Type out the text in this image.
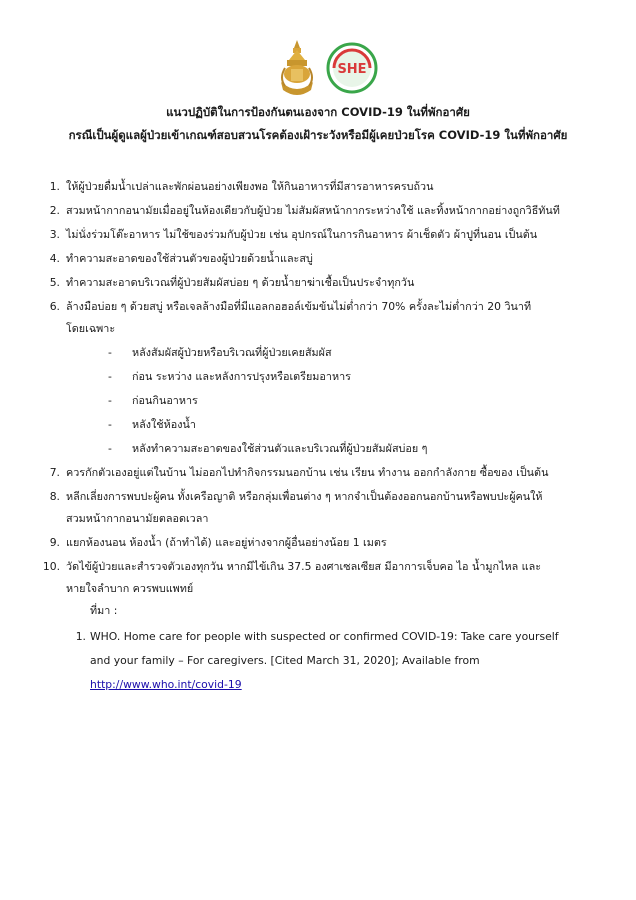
SHE
แนวปฏิบัติในการป้องกันตนเองจาก COVID-19 ในที่พักอาศัย
กรณีเป็นผู้ดูแลผู้ป่วยเข้าเกณฑ์สอบสวนโรคต้องเฝ้าระวังหรือมีผู้เคยป่วยโรค COVID-19 ในที่พักอาศัย
1. ให้ผู้ป่วยดื่มน้ำเปล่าและพักผ่อนอย่างเพียงพอ ให้กินอาหารที่มีสารอาหารครบถ้วน
2. สวมหน้ากากอนามัยเมื่ออยู่ในห้องเดียวกับผู้ป่วย ไม่สัมผัสหน้ากากระหว่างใช้ และทิ้งหน้ากากอย่างถูกวิธีทันที
3. ไม่นั่งร่วมโต๊ะอาหาร ไม่ใช้ของร่วมกับผู้ป่วย เช่น อุปกรณ์ในการกินอาหาร ผ้าเช็ดตัว ผ้าปูที่นอน เป็นต้น
4. ทำความสะอาดของใช้ส่วนตัวของผู้ป่วยด้วยน้ำและสบู่
5. ทำความสะอาดบริเวณที่ผู้ป่วยสัมผัสบ่อย ๆ ด้วยน้ำยาฆ่าเชื้อเป็นประจำทุกวัน
6. ล้างมือบ่อย ๆ ด้วยสบู่ หรือเจลล้างมือที่มีแอลกอฮอล์เข้มข้นไม่ต่ำกว่า 70% ครั้งละไม่ต่ำกว่า 20 วินาที
โดยเฉพาะ
- หลังสัมผัสผู้ป่วยหรือบริเวณที่ผู้ป่วยเคยสัมผัส
- ก่อน ระหว่าง และหลังการปรุงหรือเตรียมอาหาร
- ก่อนกินอาหาร
- หลังใช้ห้องน้ำ
- หลังทำความสะอาดของใช้ส่วนตัวและบริเวณที่ผู้ป่วยสัมผัสบ่อย ๆ
7. ควรกักตัวเองอยู่แต่ในบ้าน ไม่ออกไปทำกิจกรรมนอกบ้าน เช่น เรียน ทำงาน ออกกำลังกาย ซื้อของ เป็นต้น
8. หลีกเลี่ยงการพบปะผู้คน ทั้งเครือญาติ หรือกลุ่มเพื่อนต่าง ๆ หากจำเป็นต้องออกนอกบ้านหรือพบปะผู้คนให้
สวมหน้ากากอนามัยตลอดเวลา
9. แยกห้องนอน ห้องน้ำ (ถ้าทำได้) และอยู่ห่างจากผู้อื่นอย่างน้อย 1 เมตร
10. วัดไข้ผู้ป่วยและสำรวจตัวเองทุกวัน หากมีไข้เกิน 37.5 องศาเซลเซียส มีอาการเจ็บคอ ไอ น้ำมูกไหล และ
หายใจลำบาก ควรพบแพทย์
ที่มา :
1. WHO. Home care for people with suspected or confirmed COVID-19: Take care yourself
and your family – For caregivers. [Cited March 31, 2020]; Available from
http://www.who.int/covid-19
